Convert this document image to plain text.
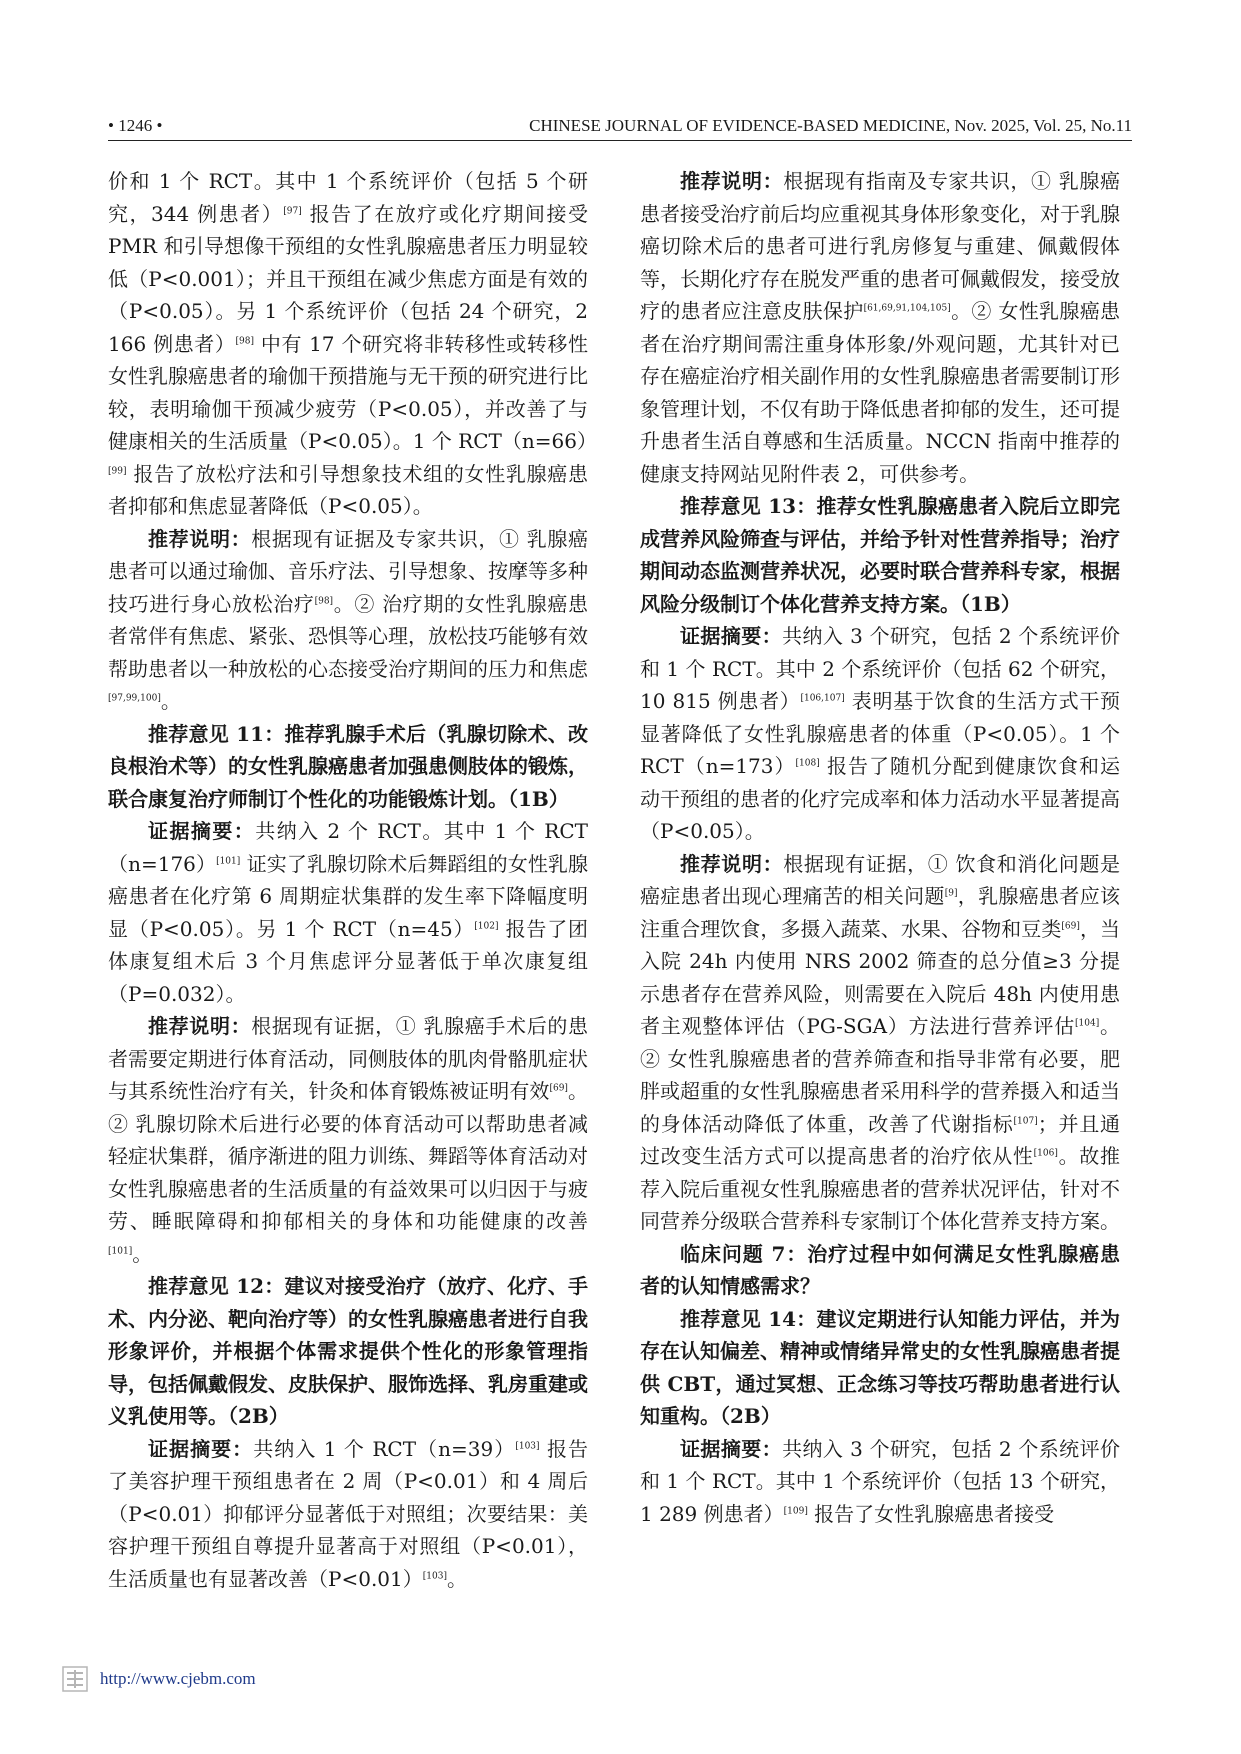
• 1246 •	CHINESE JOURNAL OF EVIDENCE-BASED MEDICINE, Nov. 2025, Vol. 25, No.11

价和 1 个 RCT。其中 1 个系统评价（包括 5 个研究，344 例患者）[97] 报告了在放疗或化疗期间接受 PMR 和引导想像干预组的女性乳腺癌患者压力明显较低（P<0.001）；并且干预组在减少焦虑方面是有效的（P<0.05）。另 1 个系统评价（包括 24 个研究，2 166 例患者）[98] 中有 17 个研究将非转移性或转移性女性乳腺癌患者的瑜伽干预措施与无干预的研究进行比较，表明瑜伽干预减少疲劳（P<0.05），并改善了与健康相关的生活质量（P<0.05）。1 个 RCT（n=66）[99] 报告了放松疗法和引导想象技术组的女性乳腺癌患者抑郁和焦虑显著降低（P<0.05）。

推荐说明：根据现有证据及专家共识，① 乳腺癌患者可以通过瑜伽、音乐疗法、引导想象、按摩等多种技巧进行身心放松治疗[98]。② 治疗期的女性乳腺癌患者常伴有焦虑、紧张、恐惧等心理，放松技巧能够有效帮助患者以一种放松的心态接受治疗期间的压力和焦虑[97,99,100]。

推荐意见 11：推荐乳腺手术后（乳腺切除术、改良根治术等）的女性乳腺癌患者加强患侧肢体的锻炼，联合康复治疗师制订个性化的功能锻炼计划。（1B）

证据摘要：共纳入 2 个 RCT。其中 1 个 RCT（n=176）[101] 证实了乳腺切除术后舞蹈组的女性乳腺癌患者在化疗第 6 周期症状集群的发生率下降幅度明显（P<0.05）。另 1 个 RCT（n=45）[102] 报告了团体康复组术后 3 个月焦虑评分显著低于单次康复组（P=0.032）。

推荐说明：根据现有证据，① 乳腺癌手术后的患者需要定期进行体育活动，同侧肢体的肌肉骨骼肌症状与其系统性治疗有关，针灸和体育锻炼被证明有效[69]。② 乳腺切除术后进行必要的体育活动可以帮助患者减轻症状集群，循序渐进的阻力训练、舞蹈等体育活动对女性乳腺癌患者的生活质量的有益效果可以归因于与疲劳、睡眠障碍和抑郁相关的身体和功能健康的改善[101]。

推荐意见 12：建议对接受治疗（放疗、化疗、手术、内分泌、靶向治疗等）的女性乳腺癌患者进行自我形象评价，并根据个体需求提供个性化的形象管理指导，包括佩戴假发、皮肤保护、服饰选择、乳房重建或义乳使用等。（2B）

证据摘要：共纳入 1 个 RCT（n=39）[103] 报告了美容护理干预组患者在 2 周（P<0.01）和 4 周后（P<0.01）抑郁评分显著低于对照组；次要结果：美容护理干预组自尊提升显著高于对照组（P<0.01），生活质量也有显著改善（P<0.01）[103]。

推荐说明：根据现有指南及专家共识，① 乳腺癌患者接受治疗前后均应重视其身体形象变化，对于乳腺癌切除术后的患者可进行乳房修复与重建、佩戴假体等，长期化疗存在脱发严重的患者可佩戴假发，接受放疗的患者应注意皮肤保护[61,69,91,104,105]。② 女性乳腺癌患者在治疗期间需注重身体形象/外观问题，尤其针对已存在癌症治疗相关副作用的女性乳腺癌患者需要制订形象管理计划，不仅有助于降低患者抑郁的发生，还可提升患者生活自尊感和生活质量。NCCN 指南中推荐的健康支持网站见附件表 2，可供参考。

推荐意见 13：推荐女性乳腺癌患者入院后立即完成营养风险筛查与评估，并给予针对性营养指导；治疗期间动态监测营养状况，必要时联合营养科专家，根据风险分级制订个体化营养支持方案。（1B）

证据摘要：共纳入 3 个研究，包括 2 个系统评价和 1 个 RCT。其中 2 个系统评价（包括 62 个研究，10 815 例患者）[106,107] 表明基于饮食的生活方式干预显著降低了女性乳腺癌患者的体重（P<0.05）。1 个 RCT（n=173）[108] 报告了随机分配到健康饮食和运动干预组的患者的化疗完成率和体力活动水平显著提高（P<0.05）。

推荐说明：根据现有证据，① 饮食和消化问题是癌症患者出现心理痛苦的相关问题[9]，乳腺癌患者应该注重合理饮食，多摄入蔬菜、水果、谷物和豆类[69]，当入院 24h 内使用 NRS 2002 筛查的总分值≥3 分提示患者存在营养风险，则需要在入院后 48h 内使用患者主观整体评估（PG-SGA）方法进行营养评估[104]。② 女性乳腺癌患者的营养筛查和指导非常有必要，肥胖或超重的女性乳腺癌患者采用科学的营养摄入和适当的身体活动降低了体重，改善了代谢指标[107]；并且通过改变生活方式可以提高患者的治疗依从性[106]。故推荐入院后重视女性乳腺癌患者的营养状况评估，针对不同营养分级联合营养科专家制订个体化营养支持方案。

临床问题 7：治疗过程中如何满足女性乳腺癌患者的认知情感需求？

推荐意见 14：建议定期进行认知能力评估，并为存在认知偏差、精神或情绪异常史的女性乳腺癌患者提供 CBT，通过冥想、正念练习等技巧帮助患者进行认知重构。（2B）

证据摘要：共纳入 3 个研究，包括 2 个系统评价和 1 个 RCT。其中 1 个系统评价（包括 13 个研究，1 289 例患者）[109] 报告了女性乳腺癌患者接受

http://www.cjebm.com
